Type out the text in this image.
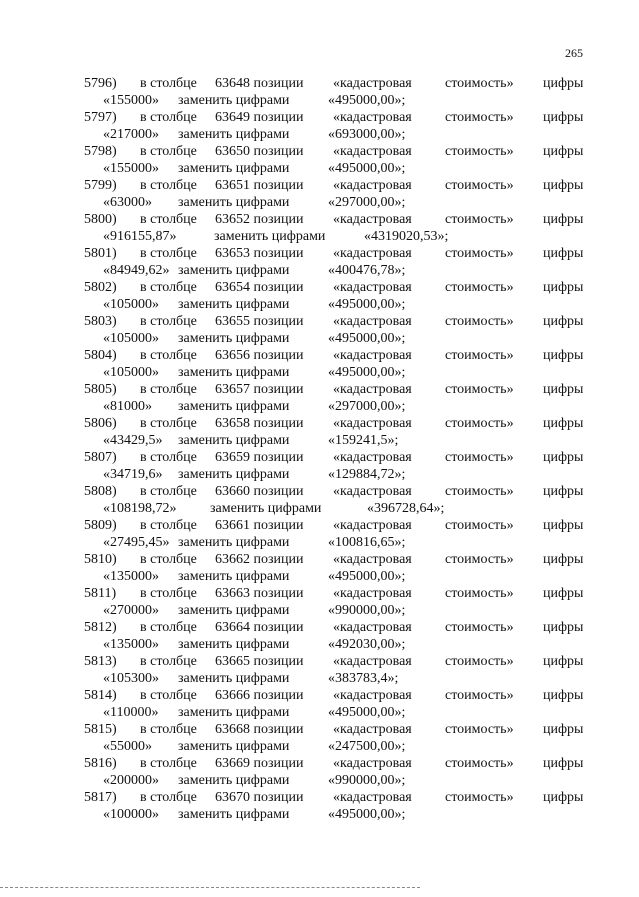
265
5796) в столбце 63648 позиции «кадастровая стоимость» цифры
«155000» заменить цифрами	«495000,00»;
5797) в столбце 63649 позиции «кадастровая стоимость» цифры
«217000» заменить цифрами	«693000,00»;
5798) в столбце 63650 позиции «кадастровая стоимость» цифры
«155000» заменить цифрами	«495000,00»;
5799) в столбце 63651 позиции «кадастровая стоимость» цифры
«63000» заменить цифрами	«297000,00»;
5800) в столбце 63652 позиции «кадастровая стоимость» цифры
«916155,87»	заменить цифрами	«4319020,53»;
5801) в столбце 63653 позиции «кадастровая стоимость» цифры
«84949,62» заменить цифрами	«400476,78»;
5802) в столбце 63654 позиции «кадастровая стоимость» цифры
«105000» заменить цифрами	«495000,00»;
5803) в столбце 63655 позиции «кадастровая стоимость» цифры
«105000» заменить цифрами	«495000,00»;
5804) в столбце 63656 позиции «кадастровая стоимость» цифры
«105000» заменить цифрами	«495000,00»;
5805) в столбце 63657 позиции «кадастровая стоимость» цифры
«81000» заменить цифрами	«297000,00»;
5806) в столбце 63658 позиции «кадастровая стоимость» цифры
«43429,5» заменить цифрами	«159241,5»;
5807) в столбце 63659 позиции «кадастровая стоимость» цифры
«34719,6» заменить цифрами	«129884,72»;
5808) в столбце 63660 позиции «кадастровая стоимость» цифры
«108198,72» заменить цифрами	«396728,64»;
5809) в столбце 63661 позиции «кадастровая стоимость» цифры
«27495,45» заменить цифрами	«100816,65»;
5810) в столбце 63662 позиции «кадастровая стоимость» цифры
«135000» заменить цифрами	«495000,00»;
5811) в столбце 63663 позиции «кадастровая стоимость» цифры
«270000» заменить цифрами	«990000,00»;
5812) в столбце 63664 позиции «кадастровая стоимость» цифры
«135000» заменить цифрами	«492030,00»;
5813) в столбце 63665 позиции «кадастровая стоимость» цифры
«105300» заменить цифрами	«383783,4»;
5814) в столбце 63666 позиции «кадастровая стоимость» цифры
«110000» заменить цифрами	«495000,00»;
5815) в столбце 63668 позиции «кадастровая стоимость» цифры
«55000» заменить цифрами	«247500,00»;
5816) в столбце 63669 позиции «кадастровая стоимость» цифры
«200000» заменить цифрами	«990000,00»;
5817) в столбце 63670 позиции «кадастровая стоимость» цифры
«100000» заменить цифрами	«495000,00»;
